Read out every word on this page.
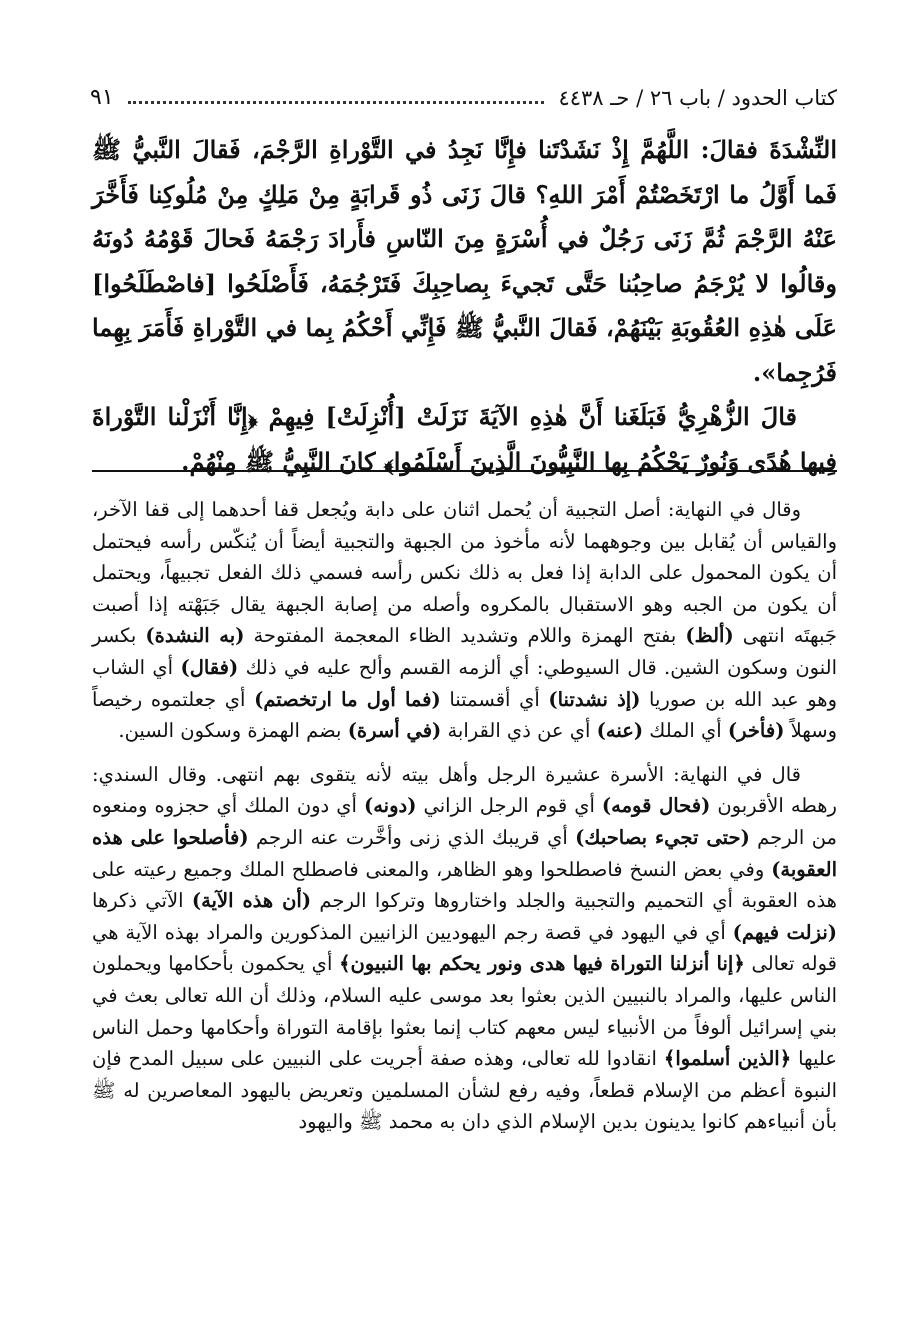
كتاب الحدود / باب ٢٦ / حـ ٤٤٣٨
٩١

النِّشْدَةَ فقالَ: اللَّهُمَّ إِذْ نَشَدْتَنا فإِنَّا نَجِدُ في التَّوْراةِ الرَّجْمَ، فَقالَ النَّبيُّ ﷺ فَما أَوَّلُ ما ارْتَخَصْتُمْ أَمْرَ اللهِ؟ قالَ زَنَى ذُو قَرابَةٍ مِنْ مَلِكٍ مِنْ مُلُوكِنا فَأَخَّرَ عَنْهُ الرَّجْمَ ثُمَّ زَنَى رَجُلٌ في أُسْرَةٍ مِنَ النّاسِ فأَرادَ رَجْمَهُ فَحالَ قَوْمُهُ دُونَهُ وقالُوا لا يُرْجَمُ صاحِبُنا حَتَّى تَجيءَ بِصاحِبِكَ فَتَرْجُمَهُ، فَأَصْلَحُوا [فاصْطَلَحُوا] عَلَى هٰذِهِ العُقُوبَةِ بَيْنَهُمْ، فَقالَ النَّبيُّ ﷺ فَإِنِّي أَحْكُمُ بِما في التَّوْراةِ فَأَمَرَ بِهِما فَرُجِما».

قالَ الزُّهْرِيُّ فَبَلَغَنا أَنَّ هٰذِهِ الآيَةَ نَزَلَتْ [أُنْزِلَتْ] فِيهِمْ ﴿إِنَّا أَنْزَلْنا التَّوْراةَ فِيها هُدًى وَنُورٌ يَحْكُمُ بِها النَّبِيُّونَ الَّذِينَ أَسْلَمُوا﴾ كانَ النَّبِيُّ ﷺ مِنْهُمْ.

وقال في النهاية: أصل التجبية أن يُحمل اثنان على دابة ويُجعل قفا أحدهما إلى قفا الآخر، والقياس أن يُقابل بين وجوههما لأنه مأخوذ من الجبهة والتجبية أيضاً أن يُنكّس رأسه فيحتمل أن يكون المحمول على الدابة إذا فعل به ذلك نكس رأسه فسمي ذلك الفعل تجبيهاً، ويحتمل أن يكون من الجبه وهو الاستقبال بالمكروه وأصله من إصابة الجبهة يقال جَبَهْته إذا أصبت جَبهتَه انتهى (ألظ) بفتح الهمزة واللام وتشديد الظاء المعجمة المفتوحة (به النشدة) بكسر النون وسكون الشين. قال السيوطي: أي ألزمه القسم وألح عليه في ذلك (فقال) أي الشاب وهو عبد الله بن صوريا (إذ نشدتنا) أي أقسمتنا (فما أول ما ارتخصتم) أي جعلتموه رخيصاً وسهلاً (فأخر) أي الملك (عنه) أي عن ذي القرابة (في أسرة) بضم الهمزة وسكون السين.

قال في النهاية: الأسرة عشيرة الرجل وأهل بيته لأنه يتقوى بهم انتهى. وقال السندي: رهطه الأقربون (فحال قومه) أي قوم الرجل الزاني (دونه) أي دون الملك أي حجزوه ومنعوه من الرجم (حتى تجيء بصاحبك) أي قريبك الذي زنى وأخَّرت عنه الرجم (فأصلحوا على هذه العقوبة) وفي بعض النسخ فاصطلحوا وهو الظاهر، والمعنى فاصطلح الملك وجميع رعيته على هذه العقوبة أي التحميم والتجبية والجلد واختاروها وتركوا الرجم (أن هذه الآية) الآتي ذكرها (نزلت فيهم) أي في اليهود في قصة رجم اليهوديين الزانيين المذكورين والمراد بهذه الآية هي قوله تعالى ﴿إنا أنزلنا التوراة فيها هدى ونور يحكم بها النبيون﴾ أي يحكمون بأحكامها ويحملون الناس عليها، والمراد بالنبيين الذين بعثوا بعد موسى عليه السلام، وذلك أن الله تعالى بعث في بني إسرائيل ألوفاً من الأنبياء ليس معهم كتاب إنما بعثوا بإقامة التوراة وأحكامها وحمل الناس عليها ﴿الذين أسلموا﴾ انقادوا لله تعالى، وهذه صفة أجريت على النبيين على سبيل المدح فإن النبوة أعظم من الإسلام قطعاً، وفيه رفع لشأن المسلمين وتعريض باليهود المعاصرين له ﷺ بأن أنبياءهم كانوا يدينون بدين الإسلام الذي دان به محمد ﷺ واليهود
